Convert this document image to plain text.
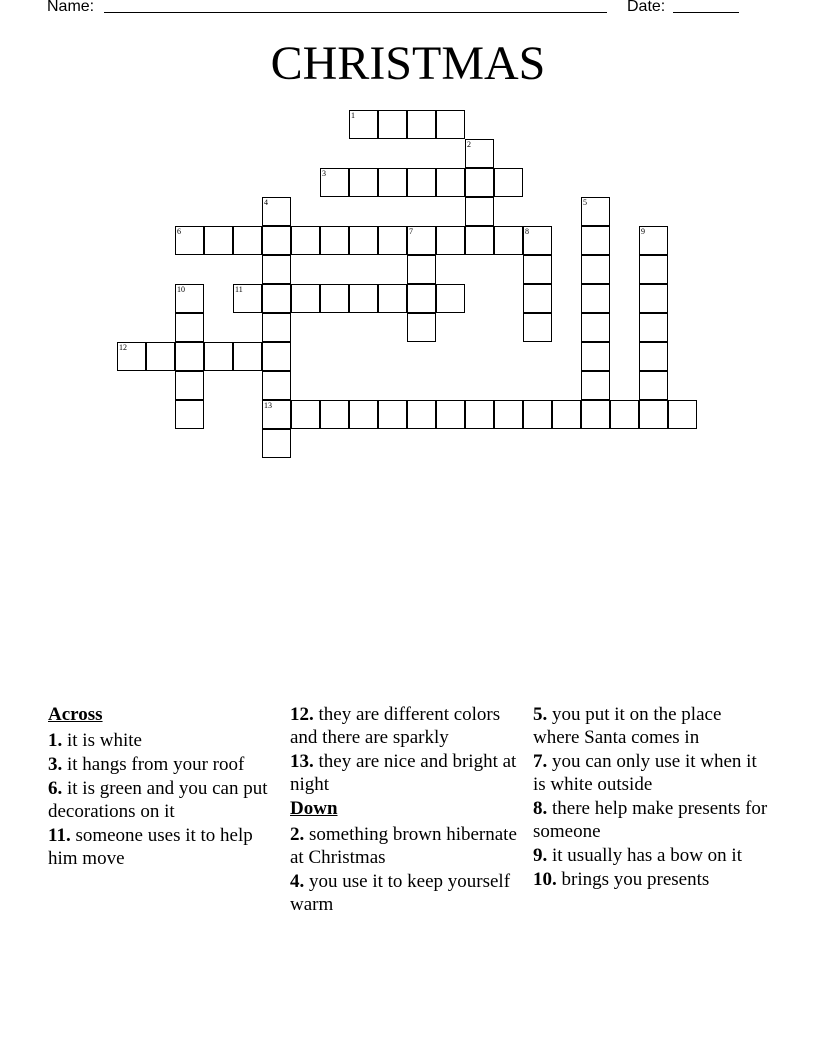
Name:	Date:
CHRISTMAS
1
2
3
4
13
5
6	7	8	9
10	11
12
Across
1. it is white
3. it hangs from your roof
6. it is green and you can put decorations on it
11. someone uses it to help him move
12. they are different colors and there are sparkly
13. they are nice and bright at night
Down
2. something brown hibernate at Christmas
4. you use it to keep yourself warm
5. you put it on the place where Santa comes in
7. you can only use it when it is white outside
8. there help make presents for someone
9. it usually has a bow on it
10. brings you presents
